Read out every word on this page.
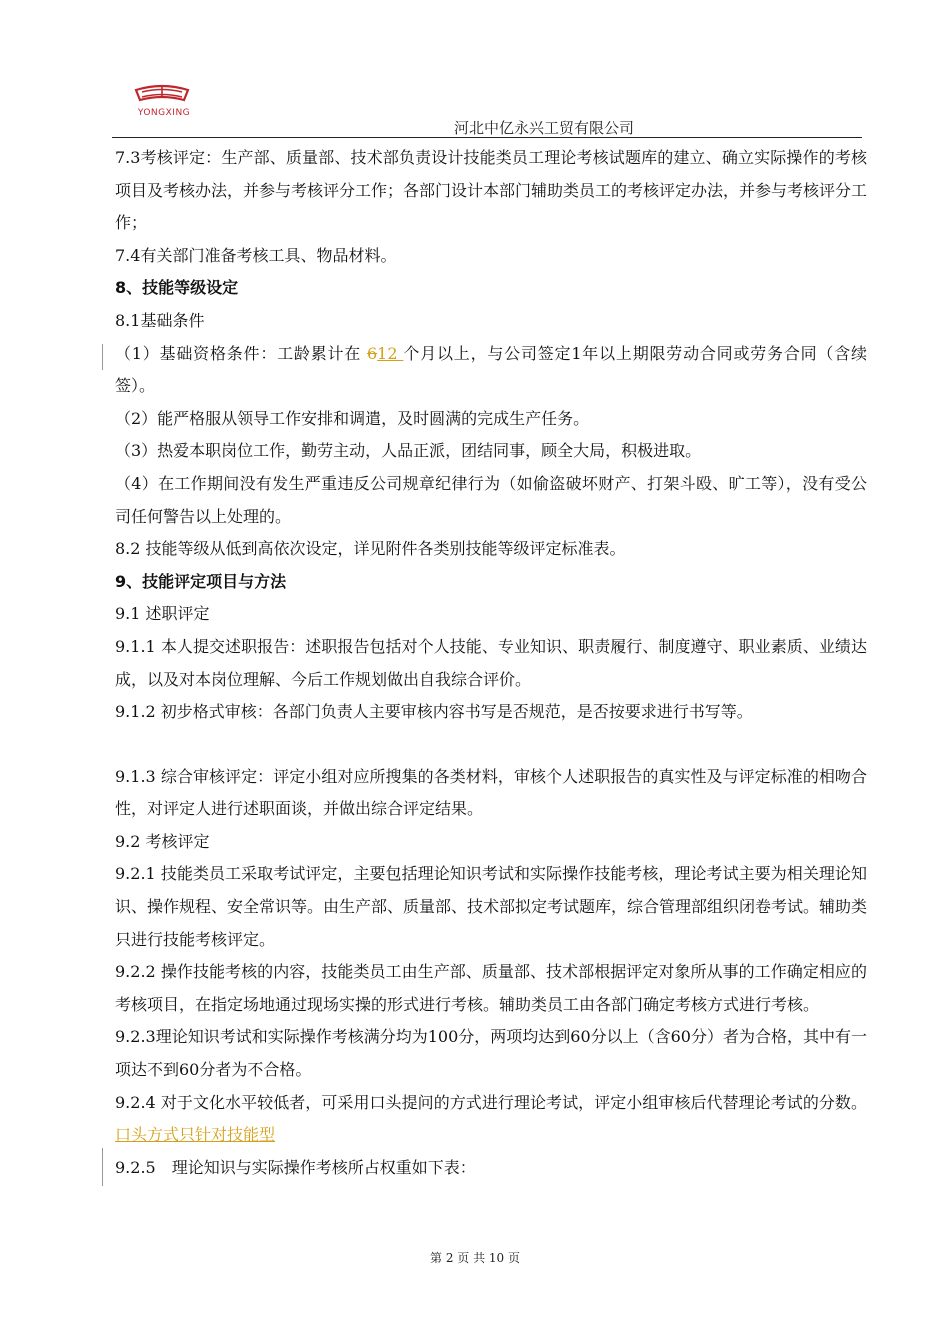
YONGXING
河北中亿永兴工贸有限公司

7.3考核评定：生产部、质量部、技术部负责设计技能类员工理论考核试题库的建立、确立实际操作的考核项目及考核办法，并参与考核评分工作；各部门设计本部门辅助类员工的考核评定办法，并参与考核评分工作；

7.4有关部门准备考核工具、物品材料。

8、技能等级设定

8.1基础条件

（1）基础资格条件：工龄累计在 612 个月以上，与公司签定1年以上期限劳动合同或劳务合同（含续签）。

（2）能严格服从领导工作安排和调遣，及时圆满的完成生产任务。

（3）热爱本职岗位工作，勤劳主动，人品正派，团结同事，顾全大局，积极进取。

（4）在工作期间没有发生严重违反公司规章纪律行为（如偷盗破坏财产、打架斗殴、旷工等），没有受公司任何警告以上处理的。

8.2 技能等级从低到高依次设定，详见附件各类别技能等级评定标准表。

9、技能评定项目与方法

9.1 述职评定

9.1.1 本人提交述职报告：述职报告包括对个人技能、专业知识、职责履行、制度遵守、职业素质、业绩达成，以及对本岗位理解、今后工作规划做出自我综合评价。

9.1.2 初步格式审核：各部门负责人主要审核内容书写是否规范，是否按要求进行书写等。

9.1.3 综合审核评定：评定小组对应所搜集的各类材料，审核个人述职报告的真实性及与评定标准的相吻合性，对评定人进行述职面谈，并做出综合评定结果。

9.2 考核评定

9.2.1 技能类员工采取考试评定，主要包括理论知识考试和实际操作技能考核，理论考试主要为相关理论知识、操作规程、安全常识等。由生产部、质量部、技术部拟定考试题库，综合管理部组织闭卷考试。辅助类只进行技能考核评定。

9.2.2 操作技能考核的内容，技能类员工由生产部、质量部、技术部根据评定对象所从事的工作确定相应的考核项目，在指定场地通过现场实操的形式进行考核。辅助类员工由各部门确定考核方式进行考核。

9.2.3理论知识考试和实际操作考核满分均为100分，两项均达到60分以上（含60分）者为合格，其中有一项达不到60分者为不合格。

9.2.4 对于文化水平较低者，可采用口头提问的方式进行理论考试，评定小组审核后代替理论考试的分数。口头方式只针对技能型

9.2.5　理论知识与实际操作考核所占权重如下表：

第 2 页 共 10 页
